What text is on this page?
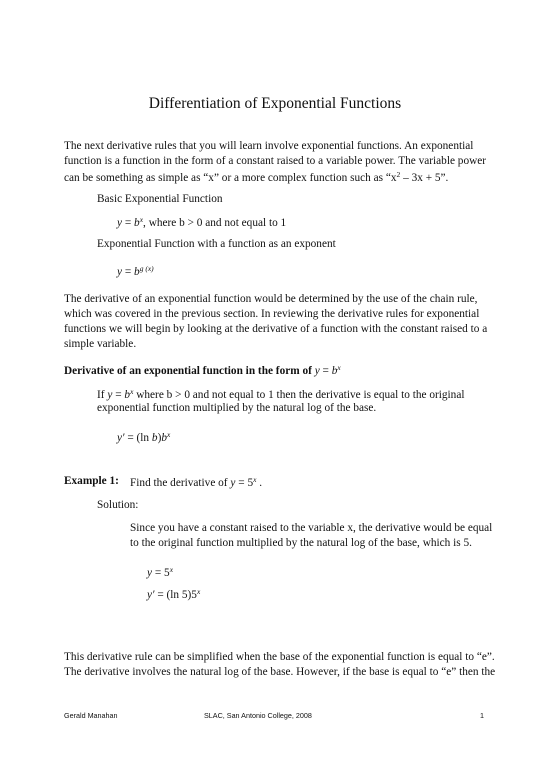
Differentiation of Exponential Functions
The next derivative rules that you will learn involve exponential functions. An exponential
function is a function in the form of a constant raised to a variable power. The variable power
can be something as simple as “x” or a more complex function such as “$x^2 - 3x + 5$”.
Basic Exponential Function
$y = b^x$, where b > 0 and not equal to 1
Exponential Function with a function as an exponent
$y = b^{g (x)}$
The derivative of an exponential function would be determined by the use of the chain rule,
which was covered in the previous section. In reviewing the derivative rules for exponential
functions we will begin by looking at the derivative of a function with the constant raised to a
simple variable.
Derivative of an exponential function in the form of $y = b^x$
If $y = b^x$ where b > 0 and not equal to 1 then the derivative is equal to the original
exponential function multiplied by the natural log of the base.
y′ = (ln $b)b^x$
Example 1: Find the derivative of $y = 5^x$ .
Solution:
Since you have a constant raised to the variable x, the derivative would be equal
to the original function multiplied by the natural log of the base, which is 5.
$y = 5^x$
y′ = (ln 5)5$^x$
This derivative rule can be simplified when the base of the exponential function is equal to “e”.
The derivative involves the natural log of the base. However, if the base is equal to “e” then the
Gerald Manahan	SLAC, San Antonio College, 2008	1
